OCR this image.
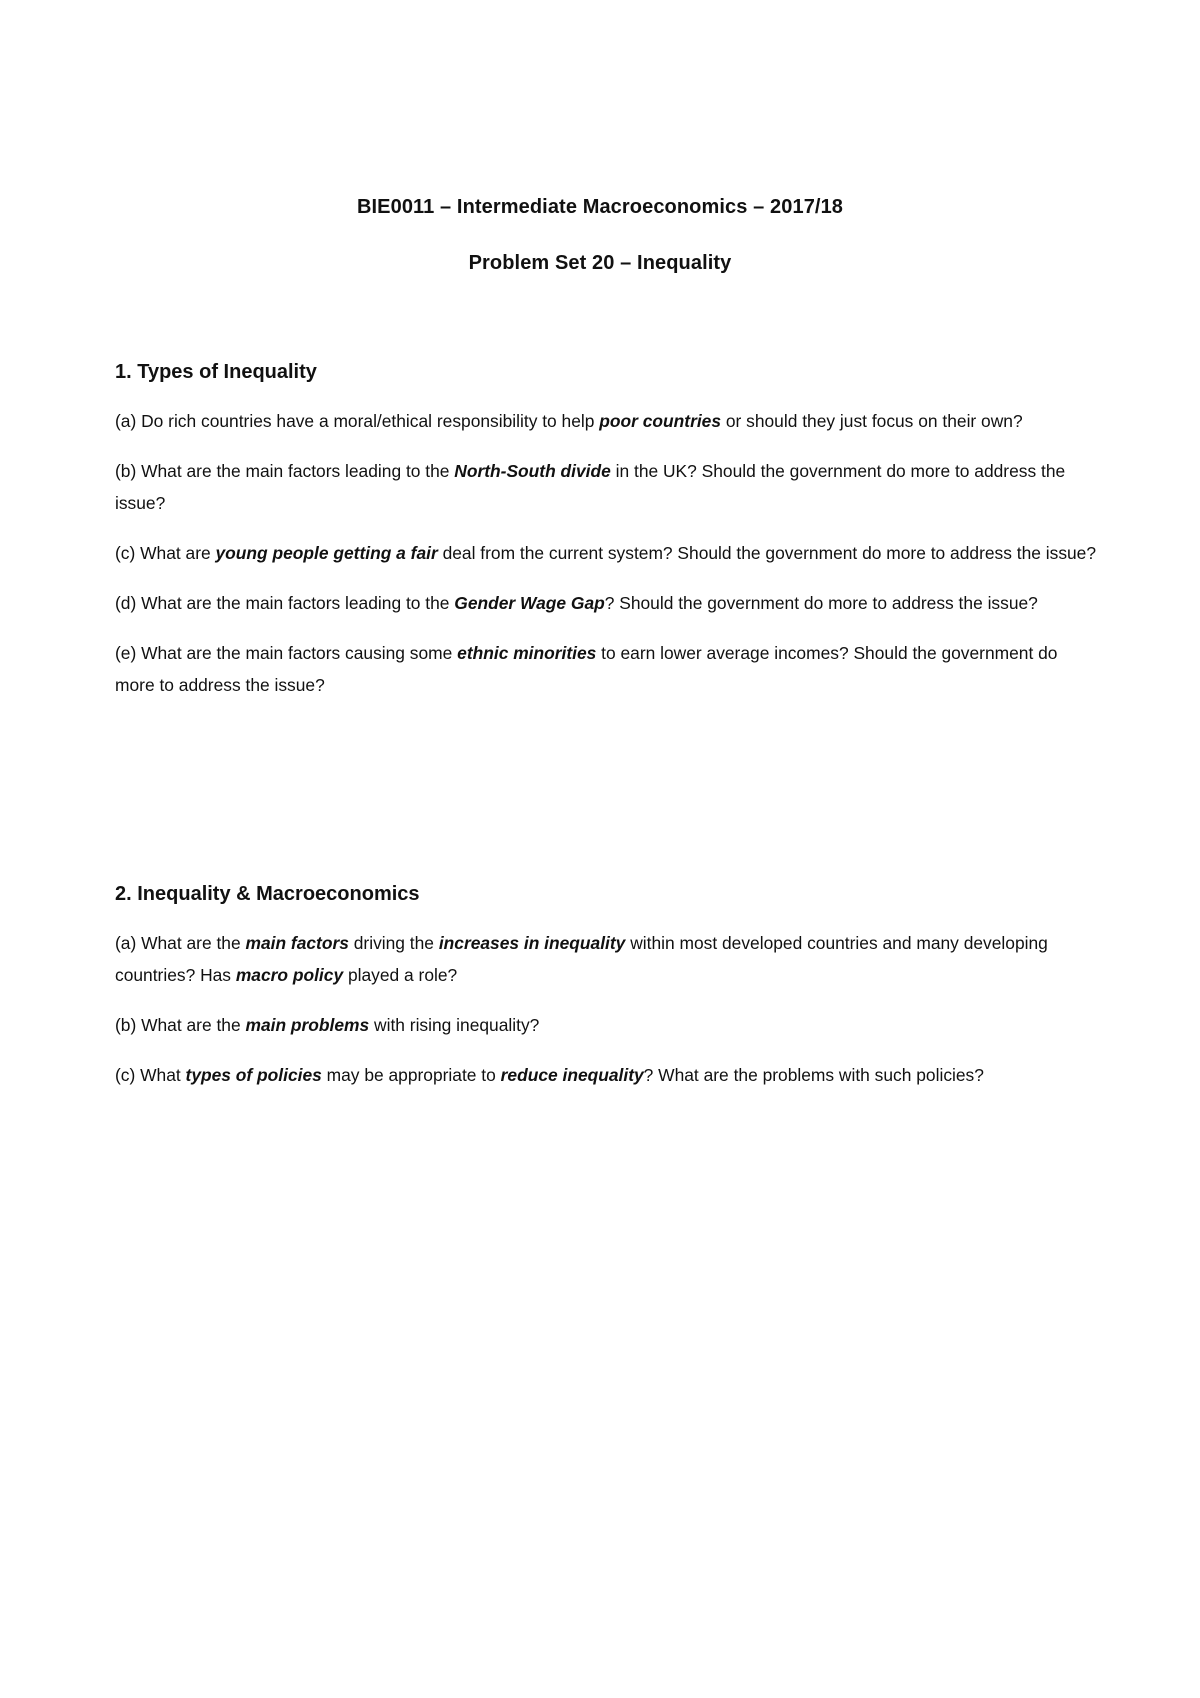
BIE0011 – Intermediate Macroeconomics – 2017/18
Problem Set 20 – Inequality
1. Types of Inequality

(a) Do rich countries have a moral/ethical responsibility to help poor countries or should they just focus on their own?

(b) What are the main factors leading to the North-South divide in the UK? Should the government do more to address the issue?

(c) What are young people getting a fair deal from the current system? Should the government do more to address the issue?

(d) What are the main factors leading to the Gender Wage Gap? Should the government do more to address the issue?

(e) What are the main factors causing some ethnic minorities to earn lower average incomes? Should the government do more to address the issue?

2. Inequality & Macroeconomics

(a) What are the main factors driving the increases in inequality within most developed countries and many developing countries? Has macro policy played a role?

(b) What are the main problems with rising inequality?

(c) What types of policies may be appropriate to reduce inequality? What are the problems with such policies?
